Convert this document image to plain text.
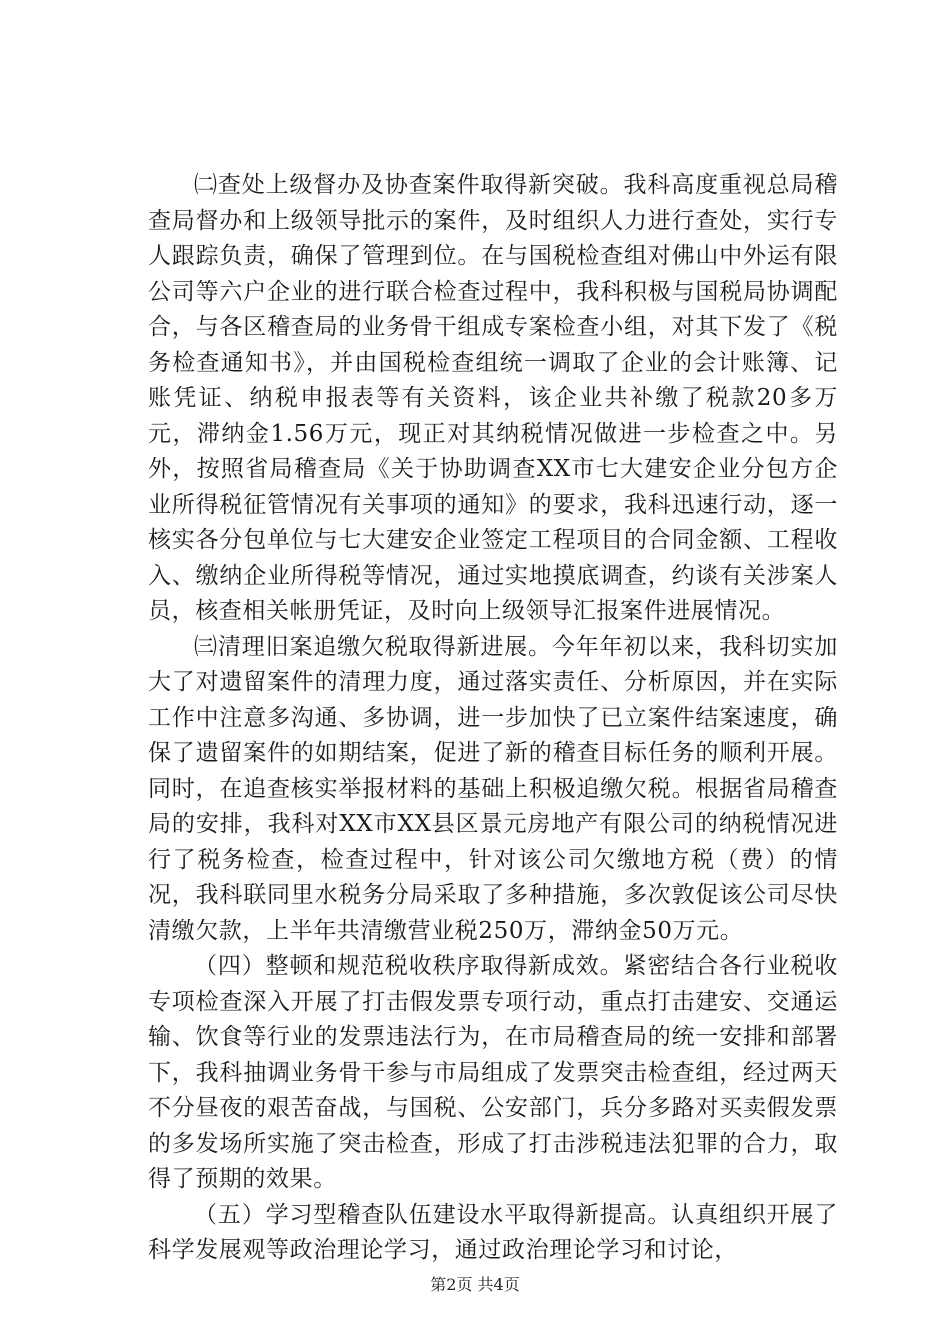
㈡查处上级督办及协查案件取得新突破。我科高度重视总局稽查局督办和上级领导批示的案件，及时组织人力进行查处，实行专人跟踪负责，确保了管理到位。在与国税检查组对佛山中外运有限公司等六户企业的进行联合检查过程中，我科积极与国税局协调配合，与各区稽查局的业务骨干组成专案检查小组，对其下发了《税务检查通知书》，并由国税检查组统一调取了企业的会计账簿、记账凭证、纳税申报表等有关资料，该企业共补缴了税款20多万元，滞纳金1.56万元，现正对其纳税情况做进一步检查之中。另外，按照省局稽查局《关于协助调查XX市七大建安企业分包方企业所得税征管情况有关事项的通知》的要求，我科迅速行动，逐一核实各分包单位与七大建安企业签定工程项目的合同金额、工程收入、缴纳企业所得税等情况，通过实地摸底调查，约谈有关涉案人员，核查相关帐册凭证，及时向上级领导汇报案件进展情况。

㈢清理旧案追缴欠税取得新进展。今年年初以来，我科切实加大了对遗留案件的清理力度，通过落实责任、分析原因，并在实际工作中注意多沟通、多协调，进一步加快了已立案件结案速度，确保了遗留案件的如期结案，促进了新的稽查目标任务的顺利开展。同时，在追查核实举报材料的基础上积极追缴欠税。根据省局稽查局的安排，我科对XX市XX县区景元房地产有限公司的纳税情况进行了税务检查，检查过程中，针对该公司欠缴地方税（费）的情况，我科联同里水税务分局采取了多种措施，多次敦促该公司尽快清缴欠款，上半年共清缴营业税250万，滞纳金50万元。

（四）整顿和规范税收秩序取得新成效。紧密结合各行业税收专项检查深入开展了打击假发票专项行动，重点打击建安、交通运输、饮食等行业的发票违法行为，在市局稽查局的统一安排和部署下，我科抽调业务骨干参与市局组成了发票突击检查组，经过两天不分昼夜的艰苦奋战，与国税、公安部门，兵分多路对买卖假发票的多发场所实施了突击检查，形成了打击涉税违法犯罪的合力，取得了预期的效果。

（五）学习型稽查队伍建设水平取得新提高。认真组织开展了科学发展观等政治理论学习，通过政治理论学习和讨论，

第2页 共4页
